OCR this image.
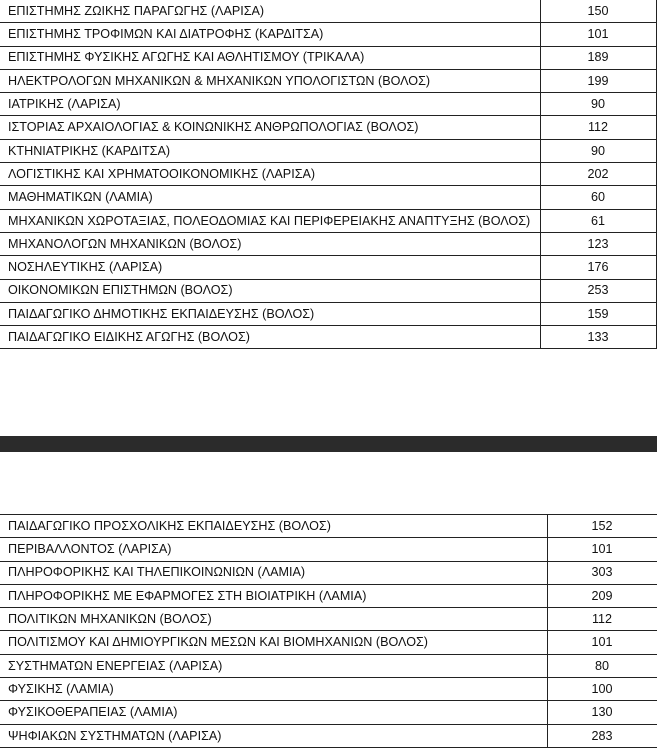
ΕΠΙΣΤΗΜΗΣ ΖΩΙΚΗΣ ΠΑΡΑΓΩΓΗΣ (ΛΑΡΙΣΑ)	150
ΕΠΙΣΤΗΜΗΣ ΤΡΟΦΙΜΩΝ ΚΑΙ ΔΙΑΤΡΟΦΗΣ (ΚΑΡΔΙΤΣΑ)	101
ΕΠΙΣΤΗΜΗΣ ΦΥΣΙΚΗΣ ΑΓΩΓΗΣ ΚΑΙ ΑΘΛΗΤΙΣΜΟΥ (ΤΡΙΚΑΛΑ)	189
ΗΛΕΚΤΡΟΛΟΓΩΝ ΜΗΧΑΝΙΚΩΝ & ΜΗΧΑΝΙΚΩΝ ΥΠΟΛΟΓΙΣΤΩΝ (ΒΟΛΟΣ)	199
ΙΑΤΡΙΚΗΣ (ΛΑΡΙΣΑ)	90
ΙΣΤΟΡΙΑΣ ΑΡΧΑΙΟΛΟΓΙΑΣ & ΚΟΙΝΩΝΙΚΗΣ ΑΝΘΡΩΠΟΛΟΓΙΑΣ (ΒΟΛΟΣ)	112
ΚΤΗΝΙΑΤΡΙΚΗΣ (ΚΑΡΔΙΤΣΑ)	90
ΛΟΓΙΣΤΙΚΗΣ ΚΑΙ ΧΡΗΜΑΤΟΟΙΚΟΝΟΜΙΚΗΣ (ΛΑΡΙΣΑ)	202
ΜΑΘΗΜΑΤΙΚΩΝ (ΛΑΜΙΑ)	60
ΜΗΧΑΝΙΚΩΝ ΧΩΡΟΤΑΞΙΑΣ, ΠΟΛΕΟΔΟΜΙΑΣ ΚΑΙ ΠΕΡΙΦΕΡΕΙΑΚΗΣ ΑΝΑΠΤΥΞΗΣ (ΒΟΛΟΣ)	61
ΜΗΧΑΝΟΛΟΓΩΝ ΜΗΧΑΝΙΚΩΝ (ΒΟΛΟΣ)	123
ΝΟΣΗΛΕΥΤΙΚΗΣ (ΛΑΡΙΣΑ)	176
ΟΙΚΟΝΟΜΙΚΩΝ ΕΠΙΣΤΗΜΩΝ (ΒΟΛΟΣ)	253
ΠΑΙΔΑΓΩΓΙΚΟ ΔΗΜΟΤΙΚΗΣ ΕΚΠΑΙΔΕΥΣΗΣ (ΒΟΛΟΣ)	159
ΠΑΙΔΑΓΩΓΙΚΟ ΕΙΔΙΚΗΣ ΑΓΩΓΗΣ (ΒΟΛΟΣ)	133
ΠΑΙΔΑΓΩΓΙΚΟ ΠΡΟΣΧΟΛΙΚΗΣ ΕΚΠΑΙΔΕΥΣΗΣ (ΒΟΛΟΣ)	152
ΠΕΡΙΒΑΛΛΟΝΤΟΣ (ΛΑΡΙΣΑ)	101
ΠΛΗΡΟΦΟΡΙΚΗΣ ΚΑΙ ΤΗΛΕΠΙΚΟΙΝΩΝΙΩΝ (ΛΑΜΙΑ)	303
ΠΛΗΡΟΦΟΡΙΚΗΣ ΜΕ ΕΦΑΡΜΟΓΕΣ ΣΤΗ ΒΙΟΙΑΤΡΙΚΗ (ΛΑΜΙΑ)	209
ΠΟΛΙΤΙΚΩΝ ΜΗΧΑΝΙΚΩΝ (ΒΟΛΟΣ)	112
ΠΟΛΙΤΙΣΜΟΥ ΚΑΙ ΔΗΜΙΟΥΡΓΙΚΩΝ ΜΕΣΩΝ ΚΑΙ ΒΙΟΜΗΧΑΝΙΩΝ (ΒΟΛΟΣ)	101
ΣΥΣΤΗΜΑΤΩΝ ΕΝΕΡΓΕΙΑΣ (ΛΑΡΙΣΑ)	80
ΦΥΣΙΚΗΣ (ΛΑΜΙΑ)	100
ΦΥΣΙΚΟΘΕΡΑΠΕΙΑΣ (ΛΑΜΙΑ)	130
ΨΗΦΙΑΚΩΝ ΣΥΣΤΗΜΑΤΩΝ (ΛΑΡΙΣΑ)	283
